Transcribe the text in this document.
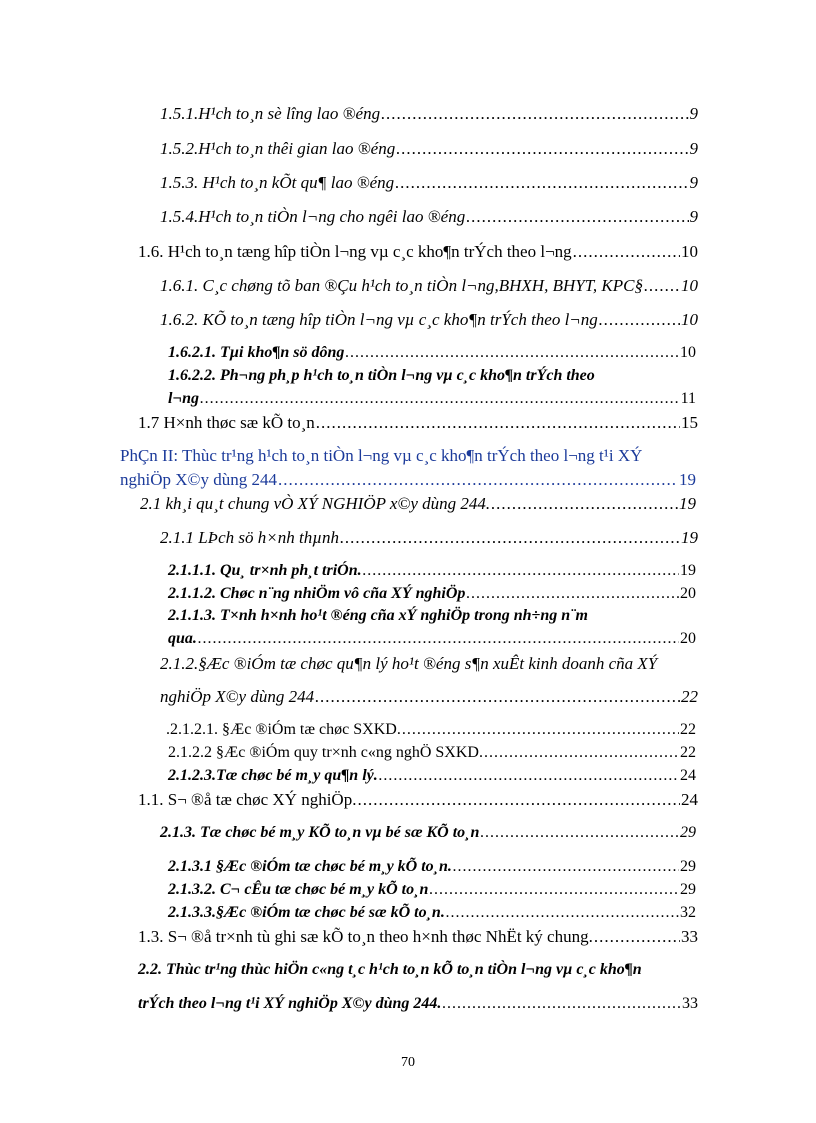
1.5.1.H¹ch to¸n sè lîng lao ®éng .....	9
1.5.2.H¹ch to¸n thêi gian lao ®éng .....	9
1.5.3. H¹ch to¸n kÕt qu¶ lao ®éng .....	9
1.5.4.H¹ch to¸n tiÒn l¬ng cho ngêi lao ®éng .....	9
1.6. H¹ch to¸n tæng hîp tiÒn l¬ng vµ c¸c kho¶n trÝch theo l¬ng .....	10
1.6.1. C¸c chøng tõ ban ®Çu h¹ch to¸n tiÒn l¬ng,BHXH, BHYT, KPC§ ..... 10
1.6.2. KÕ to¸n tæng hîp tiÒn l¬ng vµ c¸c kho¶n trÝch theo l¬ng .....	10
1.6.2.1. Tµi kho¶n sö dông .....	10
1.6.2.2. Ph¬ng ph¸p h¹ch to¸n tiÒn l¬ng vµ c¸c kho¶n trÝch theo
l¬ng .....	11
1.7 H×nh thøc sæ kÕ to¸n .....	15
PhÇn II: Thùc tr¹ng h¹ch to¸n tiÒn l¬ng vµ c¸c kho¶n trÝch theo l¬ng t¹i XÝ
nghiÖp X©y dùng 244 .....	19
2.1 kh¸i qu¸t chung vÒ XÝ NGHIÖP x©y dùng 244. .....	19
2.1.1 LÞch sö h×nh thµnh .....	19
2.1.1.1. Qu¸ tr×nh ph¸t triÓn. .....	19
2.1.1.2. Chøc n¨ng nhiÖm vô cña XÝ nghiÖp .....	20
2.1.1.3. T×nh h×nh ho¹t ®éng cña xÝ nghiÖp trong nh÷ng n¨m
qua. .....	20
2.1.2.§Æc ®iÓm tæ chøc qu¶n lý ho¹t ®éng s¶n xuÊt kinh doanh cña XÝ
nghiÖp X©y dùng 244 .....	22
.2.1.2.1. §Æc ®iÓm tæ chøc SXKD. .....	22
2.1.2.2 §Æc ®iÓm quy tr×nh c«ng nghÖ SXKD. .....	22
2.1.2.3.Tæ chøc bé m¸y qu¶n lý. .....	24
1.1. S¬ ®å tæ chøc XÝ nghiÖp. .....	24
2.1.3. Tæ chøc bé m¸y KÕ to¸n vµ bé sæ KÕ to¸n .....	29
2.1.3.1 §Æc ®iÓm tæ chøc bé m¸y kÕ to¸n. .....	29
2.1.3.2. C¬ cÊu tæ chøc bé m¸y kÕ to¸n .....	29
2.1.3.3.§Æc ®iÓm tæ chøc bé sæ kÕ to¸n. .....	32
1.3. S¬ ®å tr×nh tù ghi sæ kÕ to¸n theo h×nh thøc NhËt ký chung. .....	33
2.2. Thùc tr¹ng thùc hiÖn c«ng t¸c h¹ch to¸n kÕ to¸n tiÒn l¬ng vµ c¸c kho¶n
trÝch theo l¬ng t¹i XÝ nghiÖp X©y dùng 244. .....	33
70
